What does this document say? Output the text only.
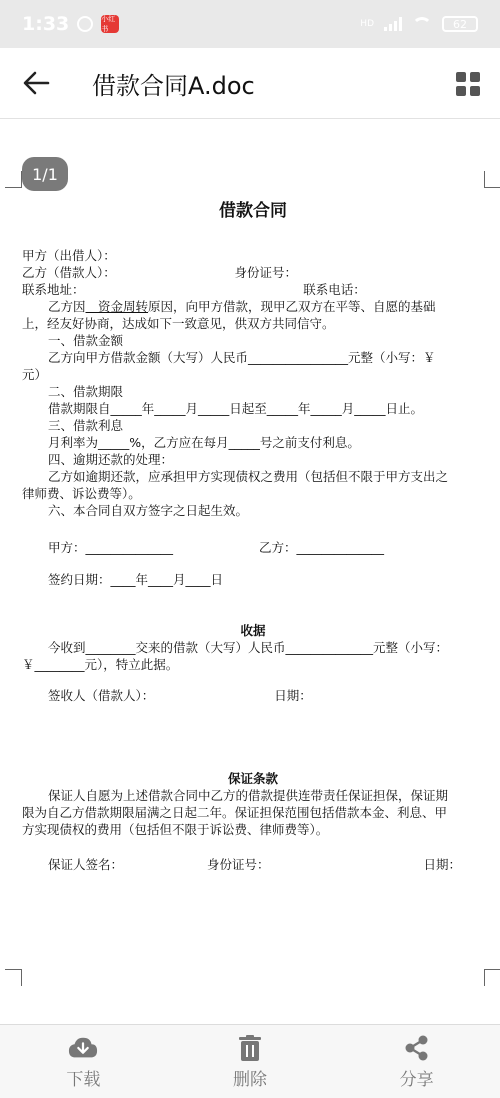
1:33	小红书
HD	62
借款合同A.doc
1/1
借款合同
甲方（出借人）：
乙方（借款人）：　　　　　　　　　　身份证号：
联系地址：　　　　　　　　　　　　　　　　　　联系电话：
乙方因　资金周转原因，向甲方借款，现甲乙双方在平等、自愿的基础
上，经友好协商，达成如下一致意见，供双方共同信守。
一、借款金额
乙方向甲方借款金额（大写）人民币________________元整（小写：￥
元）
二、借款期限
借款期限自_____年_____月_____日起至_____年_____月_____日止。
三、借款利息
月利率为_____%，乙方应在每月_____号之前支付利息。
四、逾期还款的处理：
乙方如逾期还款，应承担甲方实现债权之费用（包括但不限于甲方支出之
律师费、诉讼费等）。
六、本合同自双方签字之日起生效。
甲方：______________	乙方：______________
签约日期：____年____月____日
收据
今收到________交来的借款（大写）人民币______________元整（小写：
￥________元），特立此据。
签收人（借款人）：	日期：
保证条款
保证人自愿为上述借款合同中乙方的借款提供连带责任保证担保，保证期
限为自乙方借款期限届满之日起二年。保证担保范围包括借款本金、利息、甲
方实现债权的费用（包括但不限于诉讼费、律师费等）。
保证人签名：	身份证号：	日期：
下载	删除	分享
